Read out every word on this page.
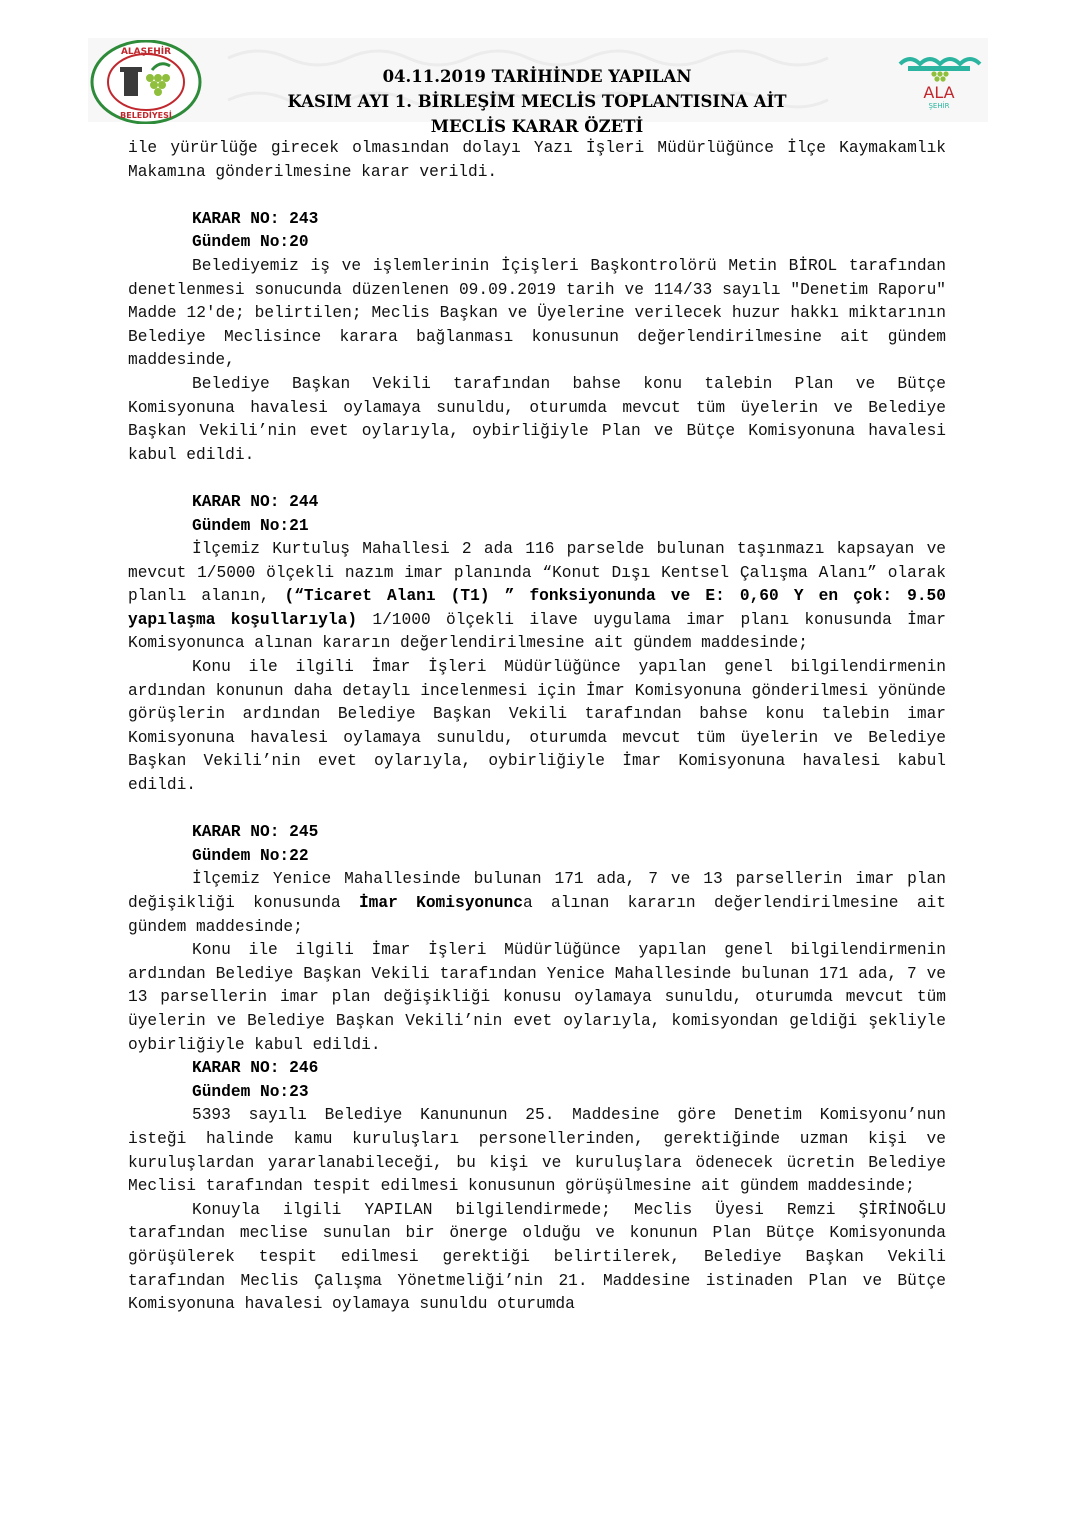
ALAŞEHİR
BELEDİYESİ
ALA
ŞEHİR
04.11.2019 TARİHİNDE YAPILAN
KASIM AYI 1. BİRLEŞİM MECLİS TOPLANTISINA AİT
MECLİS KARAR ÖZETİ

ile yürürlüğe girecek olmasından dolayı Yazı İşleri Müdürlüğünce İlçe Kaymakamlık Makamına gönderilmesine karar verildi.

KARAR NO: 243
Gündem No:20

Belediyemiz iş ve işlemlerinin İçişleri Başkontrolörü Metin BİROL tarafından denetlenmesi sonucunda düzenlenen 09.09.2019 tarih ve 114/33 sayılı "Denetim Raporu" Madde 12'de; belirtilen; Meclis Başkan ve Üyelerine verilecek huzur hakkı miktarının Belediye Meclisince karara bağlanması konusunun değerlendirilmesine ait gündem maddesinde,

Belediye Başkan Vekili tarafından bahse konu talebin Plan ve Bütçe Komisyonuna havalesi oylamaya sunuldu, oturumda mevcut tüm üyelerin ve Belediye Başkan Vekili’nin evet oylarıyla, oybirliğiyle Plan ve Bütçe Komisyonuna havalesi kabul edildi.

KARAR NO: 244
Gündem No:21

İlçemiz Kurtuluş Mahallesi 2 ada 116 parselde bulunan taşınmazı kapsayan ve mevcut 1/5000 ölçekli nazım imar planında “Konut Dışı Kentsel Çalışma Alanı” olarak planlı alanın, (“Ticaret Alanı (T1) ” fonksiyonunda ve E: 0,60 Y en çok: 9.50 yapılaşma koşullarıyla) 1/1000 ölçekli ilave uygulama imar planı konusunda İmar Komisyonunca alınan kararın değerlendirilmesine ait gündem maddesinde;

Konu ile ilgili İmar İşleri Müdürlüğünce yapılan genel bilgilendirmenin ardından konunun daha detaylı incelenmesi için İmar Komisyonuna gönderilmesi yönünde görüşlerin ardından Belediye Başkan Vekili tarafından bahse konu talebin imar Komisyonuna havalesi oylamaya sunuldu, oturumda mevcut tüm üyelerin ve Belediye Başkan Vekili’nin evet oylarıyla, oybirliğiyle İmar Komisyonuna havalesi kabul edildi.

KARAR NO: 245
Gündem No:22

İlçemiz Yenice Mahallesinde bulunan 171 ada, 7 ve 13 parsellerin imar plan değişikliği konusunda İmar Komisyonunca alınan kararın değerlendirilmesine ait gündem maddesinde;

Konu ile ilgili İmar İşleri Müdürlüğünce yapılan genel bilgilendirmenin ardından Belediye Başkan Vekili tarafından Yenice Mahallesinde bulunan 171 ada, 7 ve 13 parsellerin imar plan değişikliği konusu oylamaya sunuldu, oturumda mevcut tüm üyelerin ve Belediye Başkan Vekili’nin evet oylarıyla, komisyondan geldiği şekliyle oybirliğiyle kabul edildi.

KARAR NO: 246
Gündem No:23

5393 sayılı Belediye Kanununun 25. Maddesine göre Denetim Komisyonu’nun isteği halinde kamu kuruluşları personellerinden, gerektiğinde uzman kişi ve kuruluşlardan yararlanabileceği, bu kişi ve kuruluşlara ödenecek ücretin Belediye Meclisi tarafından tespit edilmesi konusunun görüşülmesine ait gündem maddesinde;

Konuyla ilgili YAPILAN bilgilendirmede; Meclis Üyesi Remzi ŞİRİNOĞLU tarafından meclise sunulan bir önerge olduğu ve konunun Plan Bütçe Komisyonunda görüşülerek tespit edilmesi gerektiği belirtilerek, Belediye Başkan Vekili tarafından Meclis Çalışma Yönetmeliği’nin 21. Maddesine istinaden Plan ve Bütçe Komisyonuna havalesi oylamaya sunuldu oturumda
